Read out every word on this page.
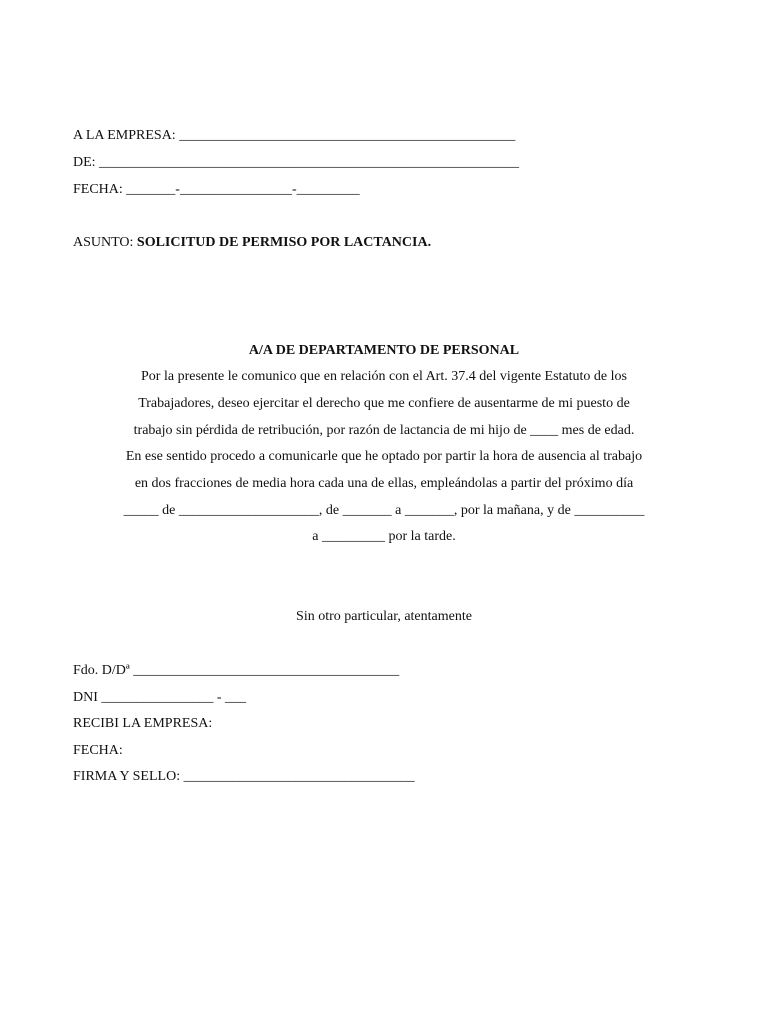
A LA EMPRESA: ________________________________________________
DE: ____________________________________________________________
FECHA: _______-________________-_________
ASUNTO: SOLICITUD DE PERMISO POR LACTANCIA.
A/A DE DEPARTAMENTO DE PERSONAL
Por la presente le comunico que en relación con el Art. 37.4 del vigente Estatuto de los
Trabajadores, deseo ejercitar el derecho que me confiere de ausentarme de mi puesto de
trabajo sin pérdida de retribución, por razón de lactancia de mi hijo de ____ mes de edad.
En ese sentido procedo a comunicarle que he optado por partir la hora de ausencia al trabajo
en dos fracciones de media hora cada una de ellas, empleándolas a partir del próximo día
_____ de ____________________, de _______ a _______, por la mañana, y de __________
a _________ por la tarde.
Sin otro particular, atentamente
Fdo. D/Dª ______________________________________
DNI ________________ - ___
RECIBI LA EMPRESA:
FECHA:
FIRMA Y SELLO: _________________________________
